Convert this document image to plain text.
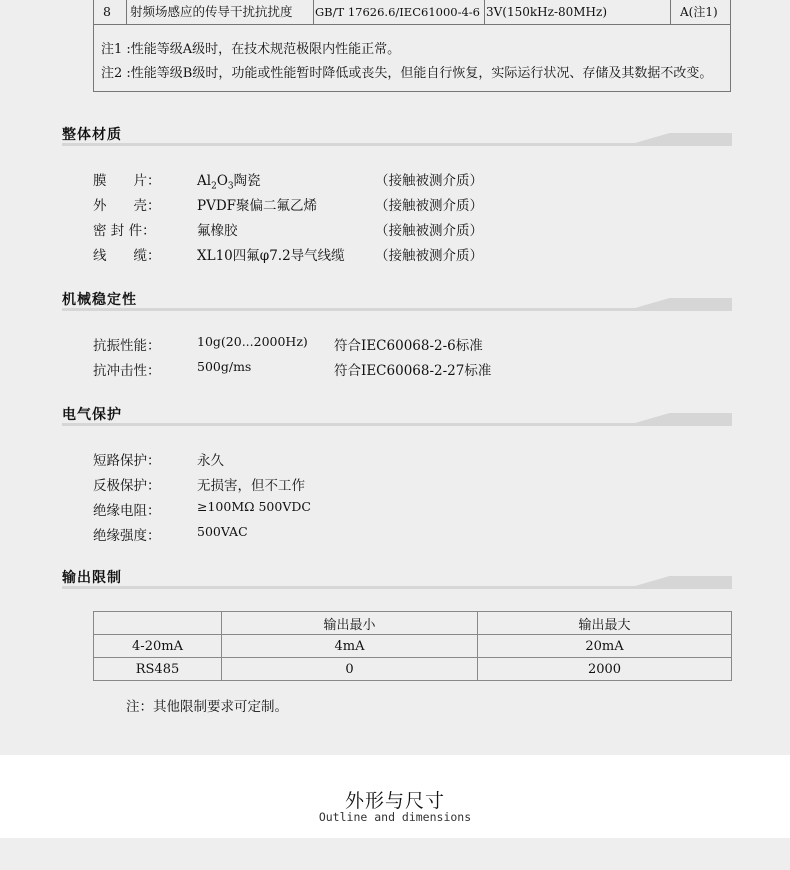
8	射频场感应的传导干扰抗扰度	GB/T 17626.6/IEC61000-4-6 3V(150kHz-80MHz)	A(注1)
注1 :性能等级A级时，在技术规范极限内性能正常。
注2 :性能等级B级时，功能或性能暂时降低或丧失，但能自行恢复，实际运行状况、存储及其数据不改变。
整体材质
膜　　片：	$Al_2O_3$陶瓷	（接触被测介质）
外　　壳：	PVDF聚偏二氟乙烯	（接触被测介质）
密 封 件：	氟橡胶	（接触被测介质）
线　　缆：	XL10四氟φ7.2导气线缆 （接触被测介质）
机械稳定性
抗振性能：	10g(20...2000Hz) 符合IEC60068-2-6标准
抗冲击性：	500g/ms	符合IEC60068-2-27标准
电气保护
短路保护：	永久
反极保护：	无损害，但不工作
绝缘电阻：	≥100MΩ 500VDC
绝缘强度：	500VAC
输出限制
	输出最小	输出最大
4-20mA	4mA	20mA
RS485	0	2000
注：其他限制要求可定制。
外形与尺寸
Outline and dimensions
